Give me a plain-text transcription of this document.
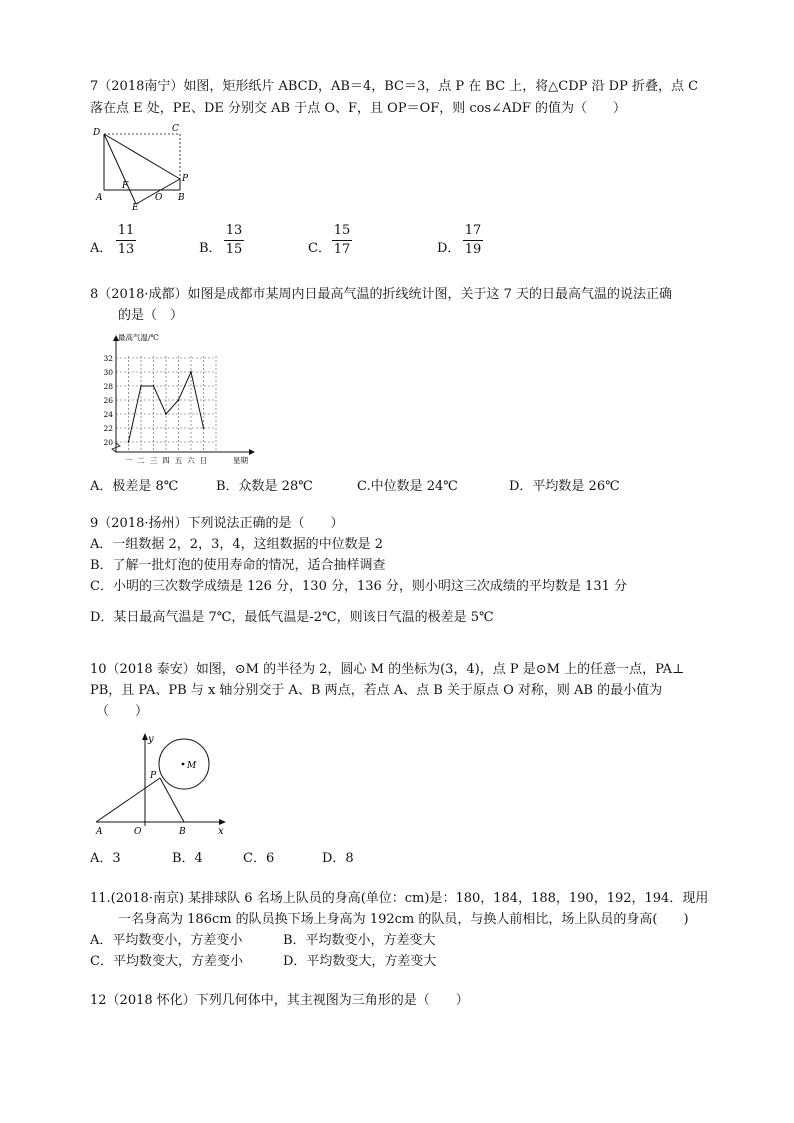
7（2018南宁）如图，矩形纸片 ABCD，AB＝4，BC＝3，点 P 在 BC 上，将△CDP 沿 DP 折叠，点 C
落在点 E 处，PE、DE 分别交 AB 于点 O、F，且 OP＝OF，则 cos∠ADF 的值为（　　）
D	C
P
A
F
E
O B
A．
11
13	B．
13
15	C．
15
17	D．
17
19
8（2018·成都）如图是成都市某周内日最高气温的折线统计图，关于这 7 天的日最高气温的说法正确
的是（　）
20
22
24
26
28
30
32
一 二 三 四 五 六 日
最高气温/℃
星期
A．极差是 8℃	B．众数是 28℃	C.中位数是 24℃	D．平均数是 26℃
9（2018·扬州）下列说法正确的是（　　）
A．一组数据 2，2，3，4，这组数据的中位数是 2
B．了解一批灯泡的使用寿命的情况，适合抽样调查
C．小明的三次数学成绩是 126 分，130 分，136 分，则小明这三次成绩的平均数是 131 分
D．某日最高气温是 7℃，最低气温是-2℃，则该日气温的极差是 5℃
10（2018 泰安）如图，⊙M 的半径为 2，圆心 M 的坐标为(3，4)，点 P 是⊙M 上的任意一点，PA⊥
PB，且 PA、PB 与 x 轴分别交于 A、B 两点，若点 A、点 B 关于原点 O 对称，则 AB 的最小值为
（　　）
y
x
M
P
A	O	B
A．3	B．4	C．6	D．8
11.(2018·南京) 某排球队 6 名场上队员的身高(单位：cm)是：180，184，188，190，192，194．现用
一名身高为 186cm 的队员换下场上身高为 192cm 的队员，与换人前相比，场上队员的身高(　　)
A．平均数变小，方差变小	B．平均数变小，方差变大
C．平均数变大，方差变小	D．平均数变大，方差变大
12（2018 怀化）下列几何体中，其主视图为三角形的是（　　）
